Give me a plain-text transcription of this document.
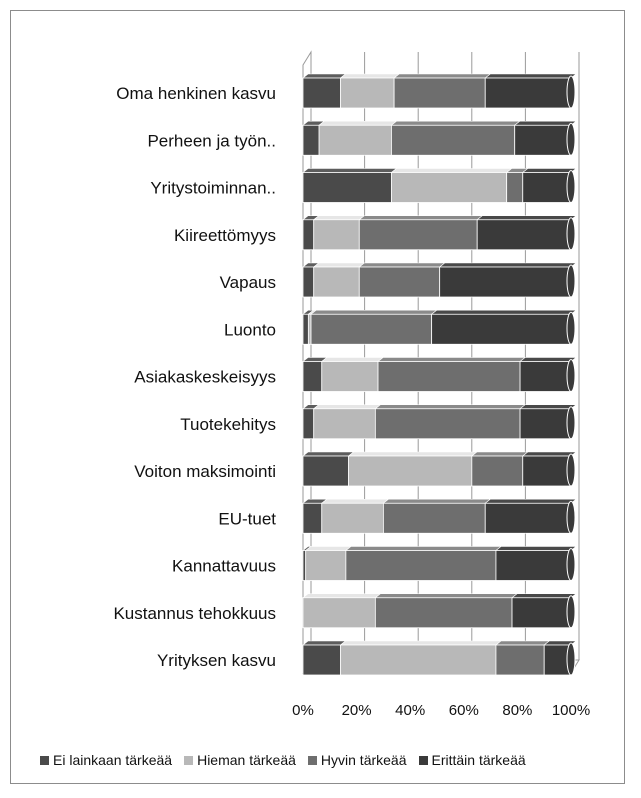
0% 20% 40% 60% 80% 100%
Oma henkinen kasvu
Perheen ja työn..
Yritystoiminnan..
Kiireettömyys
Vapaus
Luonto
Asiakaskeskeisyys
Tuotekehitys
Voiton maksimointi
EU-tuet
Kannattavuus
Kustannus tehokkuus
Yrityksen kasvu
Ei lainkaan tärkeää Hieman tärkeää Hyvin tärkeää Erittäin tärkeää
